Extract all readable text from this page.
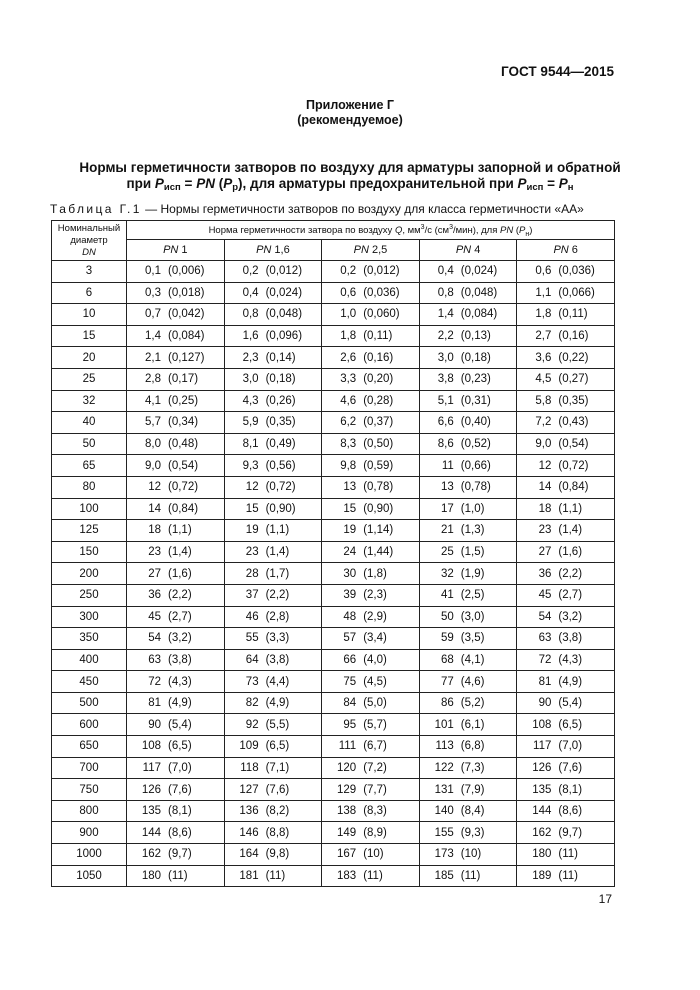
ГОСТ 9544—2015
Приложение Г
(рекомендуемое)
Нормы герметичности затворов по воздуху для арматуры запорной и обратной
при $P_{исп}$ = PN $(P_р)$, для арматуры предохранительной при $P_{исп} = P_н$
Таблица Г.1 — Нормы герметичности затворов по воздуху для класса герметичности «АА»
Номинальный
диаметр
DN	Норма герметичности затвора по воздуху Q, $мм^3/с$ $(см^3/мин)$, для PN $(P_н)$				
	PN 1	PN 1,6	PN 2,5	PN 4	PN 6
3	0,1 (0,006)	0,2 (0,012)	0,2 (0,012)	0,4 (0,024)	0,6 (0,036)

6	0,3 (0,018)	0,4 (0,024)	0,6 (0,036)	0,8 (0,048)	1,1 (0,066)

10	0,7 (0,042)	0,8 (0,048)	1,0 (0,060)	1,4 (0,084)	1,8 (0,11)

15	1,4 (0,084)	1,6 (0,096)	1,8 (0,11)	2,2 (0,13)	2,7 (0,16)

20	2,1 (0,127)	2,3 (0,14)	2,6 (0,16)	3,0 (0,18)	3,6 (0,22)

25	2,8 (0,17)	3,0 (0,18)	3,3 (0,20)	3,8 (0,23)	4,5 (0,27)

32	4,1 (0,25)	4,3 (0,26)	4,6 (0,28)	5,1 (0,31)	5,8 (0,35)

40	5,7 (0,34)	5,9 (0,35)	6,2 (0,37)	6,6 (0,40)	7,2 (0,43)

50	8,0 (0,48)	8,1 (0,49)	8,3 (0,50)	8,6 (0,52)	9,0 (0,54)

65	9,0 (0,54)	9,3 (0,56)	9,8 (0,59)	11 (0,66)	12 (0,72)

80	12 (0,72)	12 (0,72)	13 (0,78)	13 (0,78)	14 (0,84)

100	14 (0,84)	15 (0,90)	15 (0,90)	17 (1,0)	18 (1,1)

125	18 (1,1)	19 (1,1)	19 (1,14)	21 (1,3)	23 (1,4)

150	23 (1,4)	23 (1,4)	24 (1,44)	25 (1,5)	27 (1,6)

200	27 (1,6)	28 (1,7)	30 (1,8)	32 (1,9)	36 (2,2)

250	36 (2,2)	37 (2,2)	39 (2,3)	41 (2,5)	45 (2,7)

300	45 (2,7)	46 (2,8)	48 (2,9)	50 (3,0)	54 (3,2)

350	54 (3,2)	55 (3,3)	57 (3,4)	59 (3,5)	63 (3,8)

400	63 (3,8)	64 (3,8)	66 (4,0)	68 (4,1)	72 (4,3)

450	72 (4,3)	73 (4,4)	75 (4,5)	77 (4,6)	81 (4,9)

500	81 (4,9)	82 (4,9)	84 (5,0)	86 (5,2)	90 (5,4)

600	90 (5,4)	92 (5,5)	95 (5,7)	101 (6,1)	108 (6,5)

650	108 (6,5)	109 (6,5)	111 (6,7)	113 (6,8)	117 (7,0)

700	117 (7,0)	118 (7,1)	120 (7,2)	122 (7,3)	126 (7,6)

750	126 (7,6)	127 (7,6)	129 (7,7)	131 (7,9)	135 (8,1)

800	135 (8,1)	136 (8,2)	138 (8,3)	140 (8,4)	144 (8,6)

900	144 (8,6)	146 (8,8)	149 (8,9)	155 (9,3)	162 (9,7)

1000	162 (9,7)	164 (9,8)	167 (10)	173 (10)	180 (11)

1050	180 (11)	181 (11)	183 (11)	185 (11)	189 (11)
17
